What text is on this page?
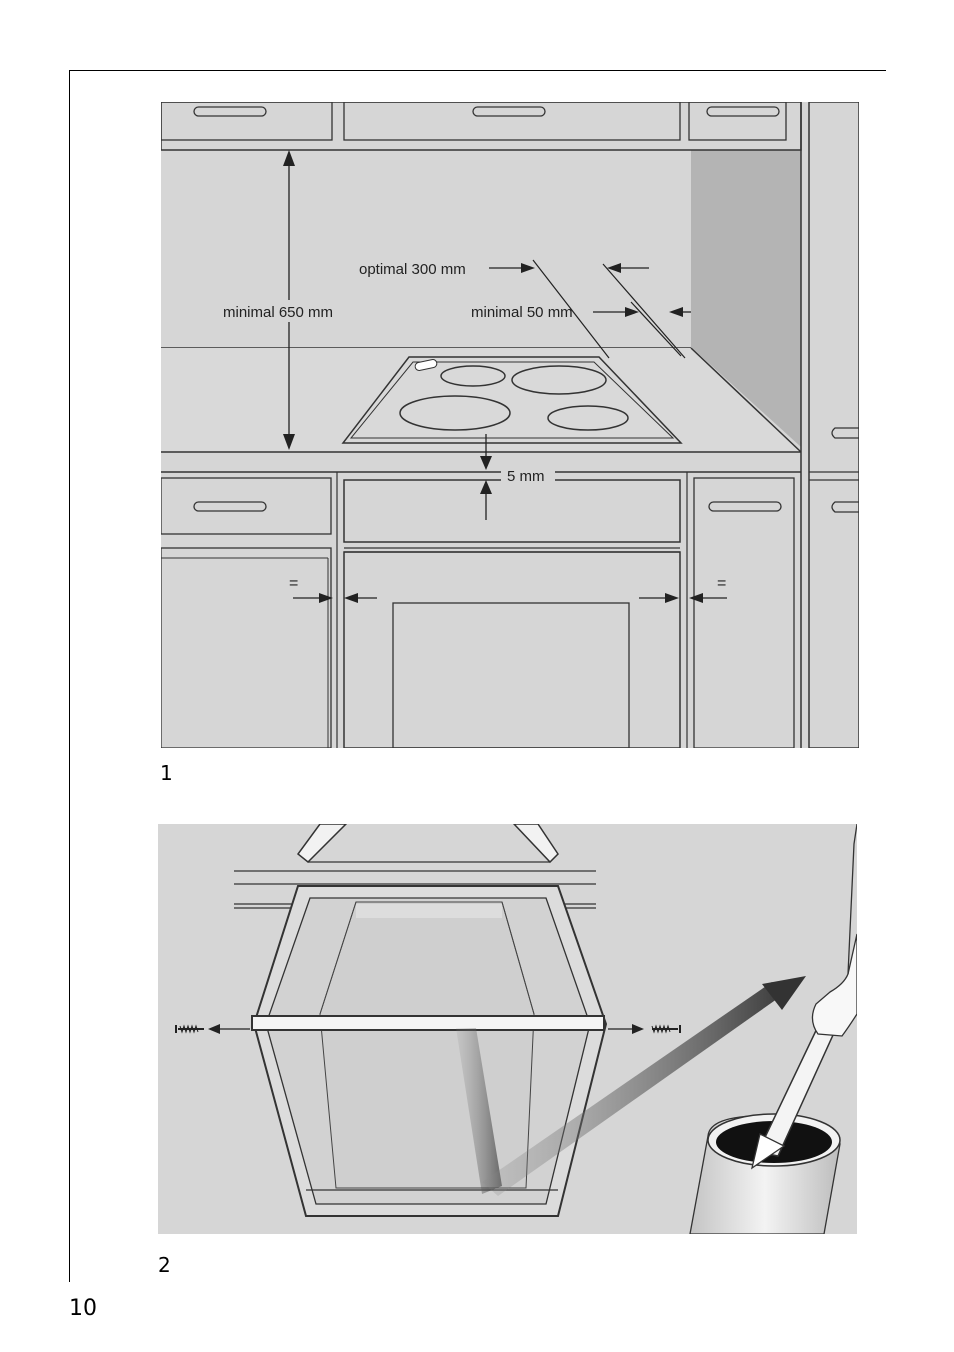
minimal 650 mm
optimal 300 mm
minimal 50 mm
5 mm
=	=
1
2
10
